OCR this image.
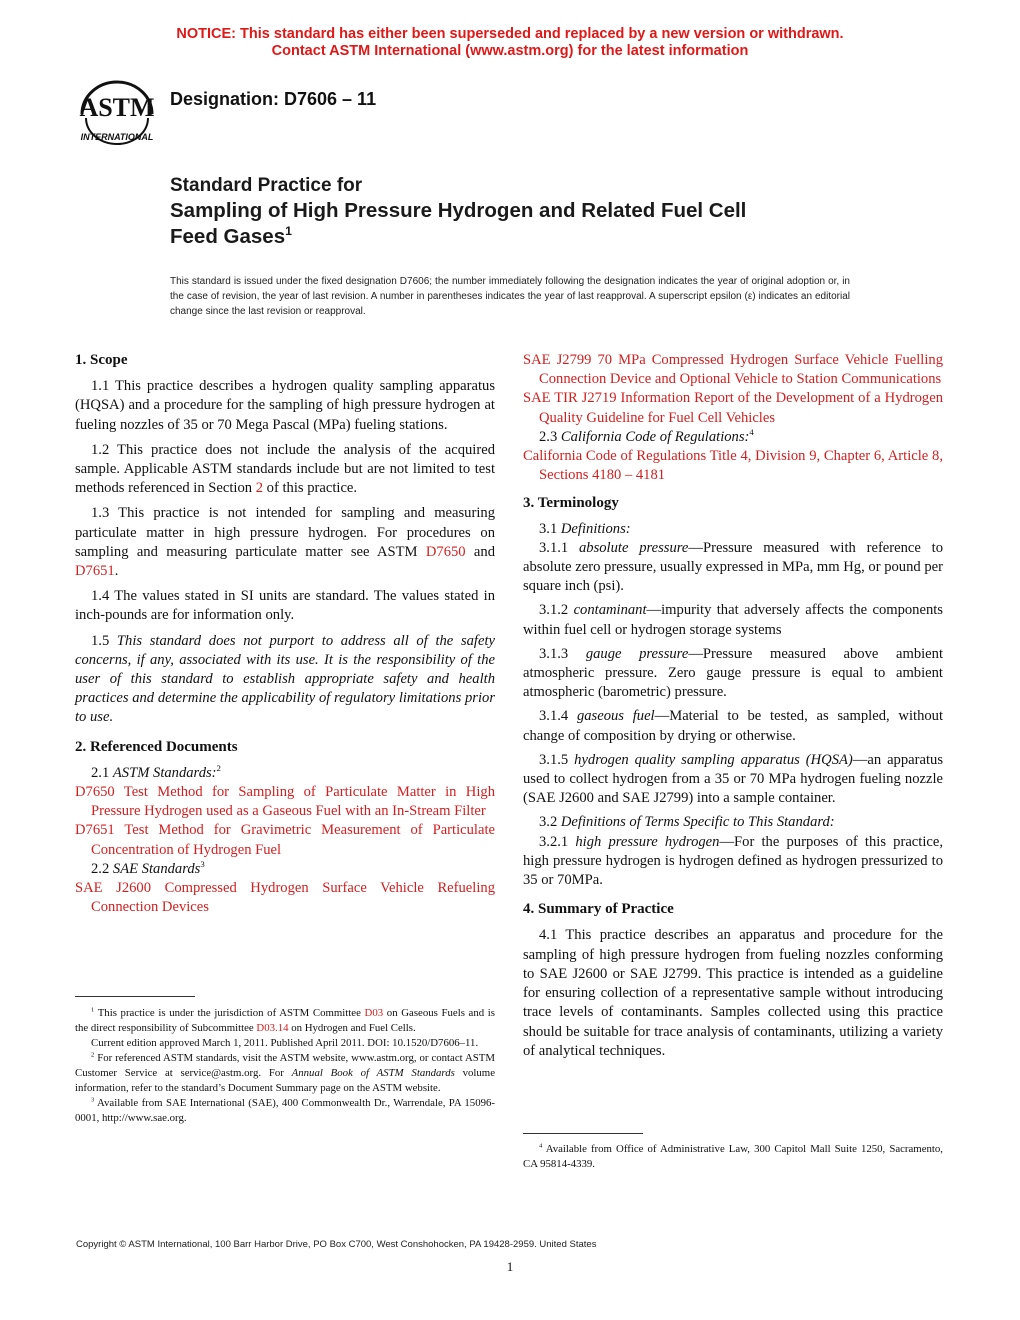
NOTICE: This standard has either been superseded and replaced by a new version or withdrawn.
Contact ASTM International (www.astm.org) for the latest information
ASTM
INTERNATIONAL
Designation: D7606 – 11
Standard Practice for
Sampling of High Pressure Hydrogen and Related Fuel Cell
Feed Gases$^1$
This standard is issued under the fixed designation D7606; the number immediately following the designation indicates the year of original adoption or, in the case of revision, the year of last revision. A number in parentheses indicates the year of last reapproval. A superscript epsilon (ε) indicates an editorial change since the last revision or reapproval.

1. Scope

1.1 This practice describes a hydrogen quality sampling apparatus (HQSA) and a procedure for the sampling of high pressure hydrogen at fueling nozzles of 35 or 70 Mega Pascal (MPa) fueling stations.

1.2 This practice does not include the analysis of the acquired sample. Applicable ASTM standards include but are not limited to test methods referenced in Section 2 of this practice.

1.3 This practice is not intended for sampling and measuring particulate matter in high pressure hydrogen. For procedures on sampling and measuring particulate matter see ASTM D7650 and D7651.

1.4 The values stated in SI units are standard. The values stated in inch-pounds are for information only.

1.5 This standard does not purport to address all of the safety concerns, if any, associated with its use. It is the responsibility of the user of this standard to establish appropriate safety and health practices and determine the applicability of regulatory limitations prior to use.

2. Referenced Documents

2.1 ASTM Standards:$^2$

D7650 Test Method for Sampling of Particulate Matter in High Pressure Hydrogen used as a Gaseous Fuel with an In-Stream Filter

D7651 Test Method for Gravimetric Measurement of Particulate Concentration of Hydrogen Fuel

2.2 SAE Standards$^3$

SAE J2600 Compressed Hydrogen Surface Vehicle Refueling Connection Devices

$^1$ This practice is under the jurisdiction of ASTM Committee D03 on Gaseous Fuels and is the direct responsibility of Subcommittee D03.14 on Hydrogen and Fuel Cells.

Current edition approved March 1, 2011. Published April 2011. DOI: 10.1520/D7606–11.

$^2$ For referenced ASTM standards, visit the ASTM website, www.astm.org, or contact ASTM Customer Service at service@astm.org. For Annual Book of ASTM Standards volume information, refer to the standard’s Document Summary page on the ASTM website.

$^3$ Available from SAE International (SAE), 400 Commonwealth Dr., Warrendale, PA 15096-0001, http://www.sae.org.

SAE J2799 70 MPa Compressed Hydrogen Surface Vehicle Fuelling Connection Device and Optional Vehicle to Station Communications

SAE TIR J2719 Information Report of the Development of a Hydrogen Quality Guideline for Fuel Cell Vehicles

2.3 California Code of Regulations:$^4$

California Code of Regulations Title 4, Division 9, Chapter 6, Article 8, Sections 4180 – 4181

3. Terminology

3.1 Definitions:

3.1.1 absolute pressure—Pressure measured with reference to absolute zero pressure, usually expressed in MPa, mm Hg, or pound per square inch (psi).

3.1.2 contaminant—impurity that adversely affects the components within fuel cell or hydrogen storage systems

3.1.3 gauge pressure—Pressure measured above ambient atmospheric pressure. Zero gauge pressure is equal to ambient atmospheric (barometric) pressure.

3.1.4 gaseous fuel—Material to be tested, as sampled, without change of composition by drying or otherwise.

3.1.5 hydrogen quality sampling apparatus (HQSA)—an apparatus used to collect hydrogen from a 35 or 70 MPa hydrogen fueling nozzle (SAE J2600 and SAE J2799) into a sample container.

3.2 Definitions of Terms Specific to This Standard:

3.2.1 high pressure hydrogen—For the purposes of this practice, high pressure hydrogen is hydrogen defined as hydrogen pressurized to 35 or 70MPa.

4. Summary of Practice

4.1 This practice describes an apparatus and procedure for the sampling of high pressure hydrogen from fueling nozzles conforming to SAE J2600 or SAE J2799. This practice is intended as a guideline for ensuring collection of a representative sample without introducing trace levels of contaminants. Samples collected using this practice should be suitable for trace analysis of contaminants, utilizing a variety of analytical techniques.

$^4$ Available from Office of Administrative Law, 300 Capitol Mall Suite 1250, Sacramento, CA 95814-4339.

Copyright © ASTM International, 100 Barr Harbor Drive, PO Box C700, West Conshohocken, PA 19428-2959. United States
1
